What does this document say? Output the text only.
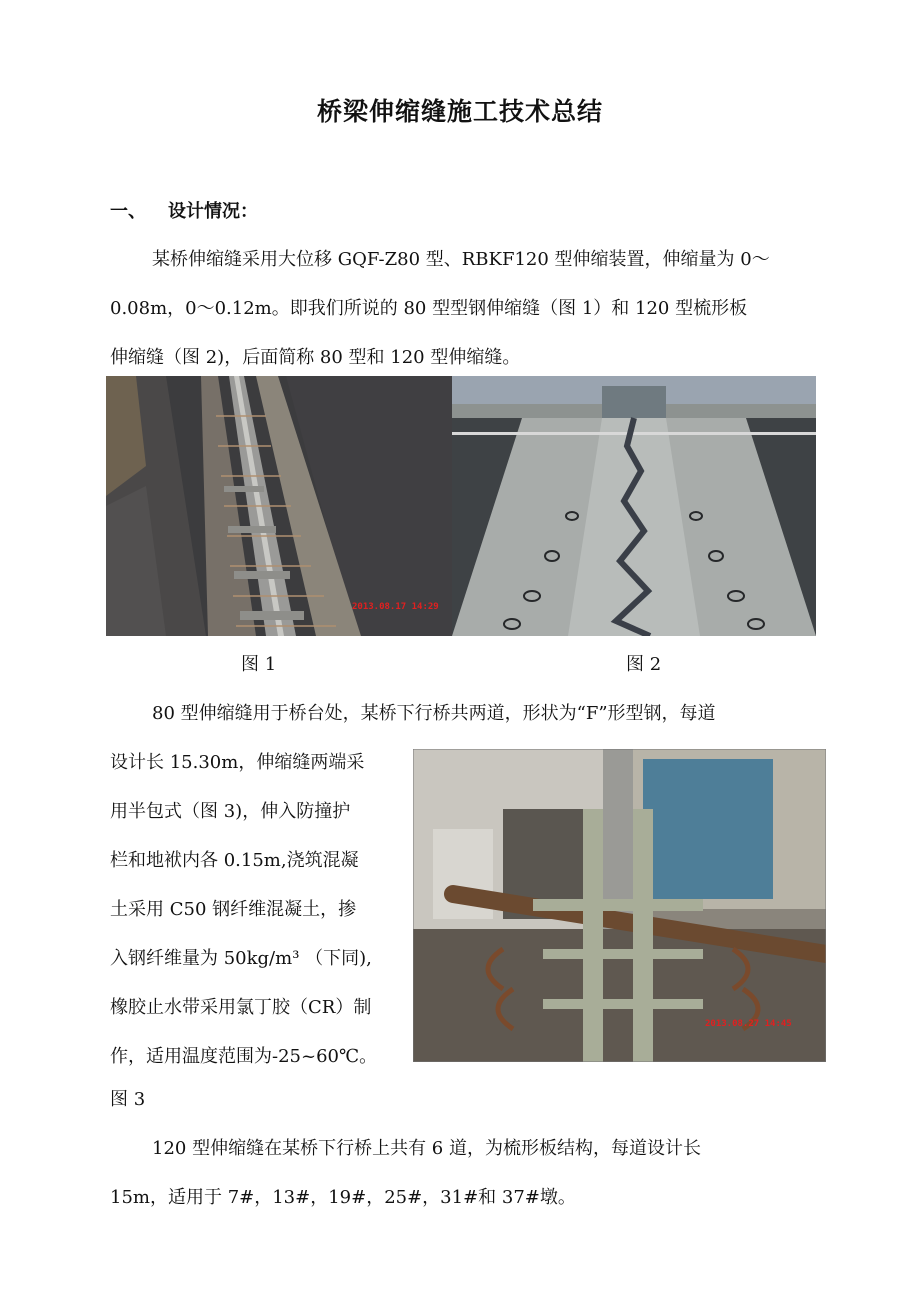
桥梁伸缩缝施工技术总结
一、 设计情况：
某桥伸缩缝采用大位移 GQF-Z80 型、RBKF120 型伸缩装置，伸缩量为 0～
0.08m，0～0.12m。即我们所说的 80 型型钢伸缩缝（图 1）和 120 型梳形板
伸缩缝（图 2)，后面简称 80 型和 120 型伸缩缝。
2013.08.17 14:29
图 1	图 2
80 型伸缩缝用于桥台处，某桥下行桥共两道，形状为“F”形型钢，每道
设计长 15.30m，伸缩缝两端采
用半包式（图 3)，伸入防撞护
栏和地袱内各 0.15m,浇筑混凝
土采用 C50 钢纤维混凝土，掺
入钢纤维量为 50kg/m³ （下同),
橡胶止水带采用氯丁胶（CR）制
作，适用温度范围为-25~60℃。
2013.08.27 14:45
图 3
120 型伸缩缝在某桥下行桥上共有 6 道，为梳形板结构，每道设计长
15m，适用于 7#，13#，19#，25#，31#和 37#墩。
